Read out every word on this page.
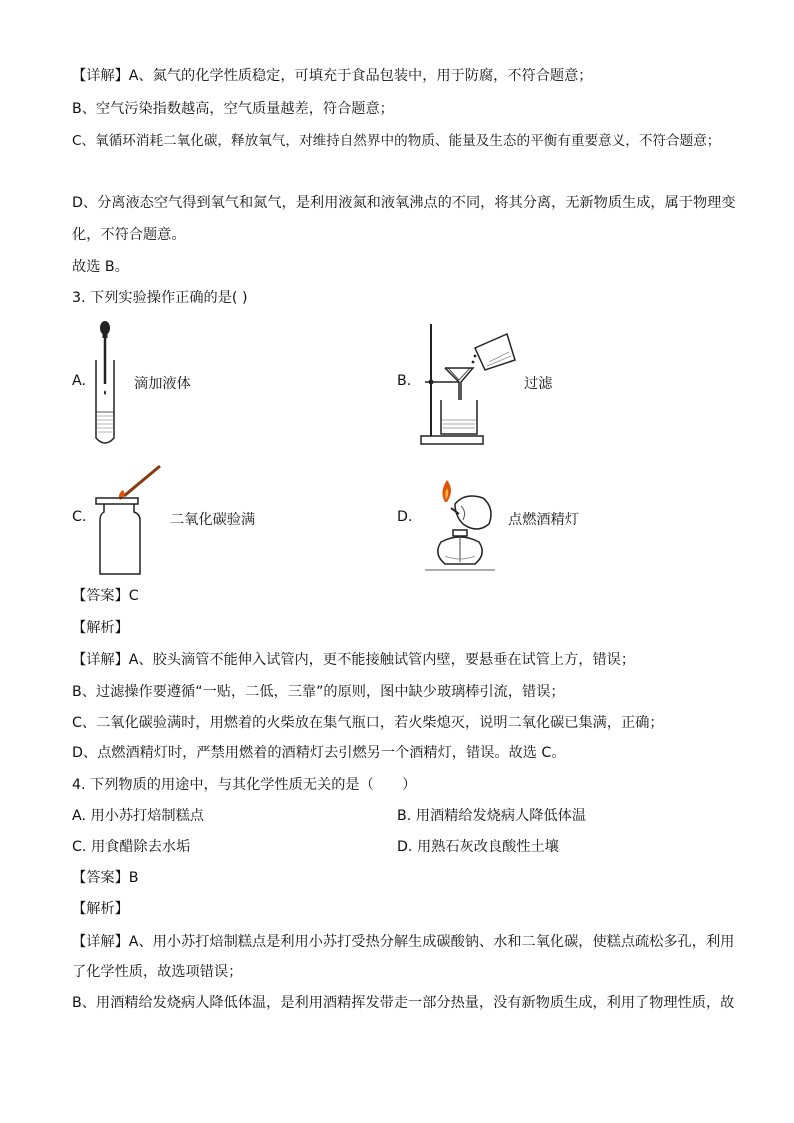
【详解】A、氮气的化学性质稳定，可填充于食品包装中，用于防腐，不符合题意；
B、空气污染指数越高，空气质量越差，符合题意；
C、氧循环消耗二氧化碳，释放氧气，对维持自然界中的物质、能量及生态的平衡有重要意义，不符合题意；
D、分离液态空气得到氧气和氮气，是利用液氮和液氧沸点的不同，将其分离，无新物质生成，属于物理变
化，不符合题意。
故选 B。
3. 下列实验操作正确的是( )
A.	滴加液体	B.	过滤
C.	二氧化碳验满	D.	点燃酒精灯
【答案】C
【解析】
【详解】A、胶头滴管不能伸入试管内，更不能接触试管内壁，要悬垂在试管上方，错误；
B、过滤操作要遵循“一贴，二低，三靠”的原则，图中缺少玻璃棒引流，错误；
C、二氧化碳验满时，用燃着的火柴放在集气瓶口，若火柴熄灭，说明二氧化碳已集满，正确；
D、点燃酒精灯时，严禁用燃着的酒精灯去引燃另一个酒精灯，错误。故选 C。
4. 下列物质的用途中，与其化学性质无关的是（　　）
A. 用小苏打焙制糕点	B. 用酒精给发烧病人降低体温
C. 用食醋除去水垢	D. 用熟石灰改良酸性土壤
【答案】B
【解析】
【详解】A、用小苏打焙制糕点是利用小苏打受热分解生成碳酸钠、水和二氧化碳，使糕点疏松多孔，利用
了化学性质，故选项错误；
B、用酒精给发烧病人降低体温，是利用酒精挥发带走一部分热量，没有新物质生成，利用了物理性质，故
